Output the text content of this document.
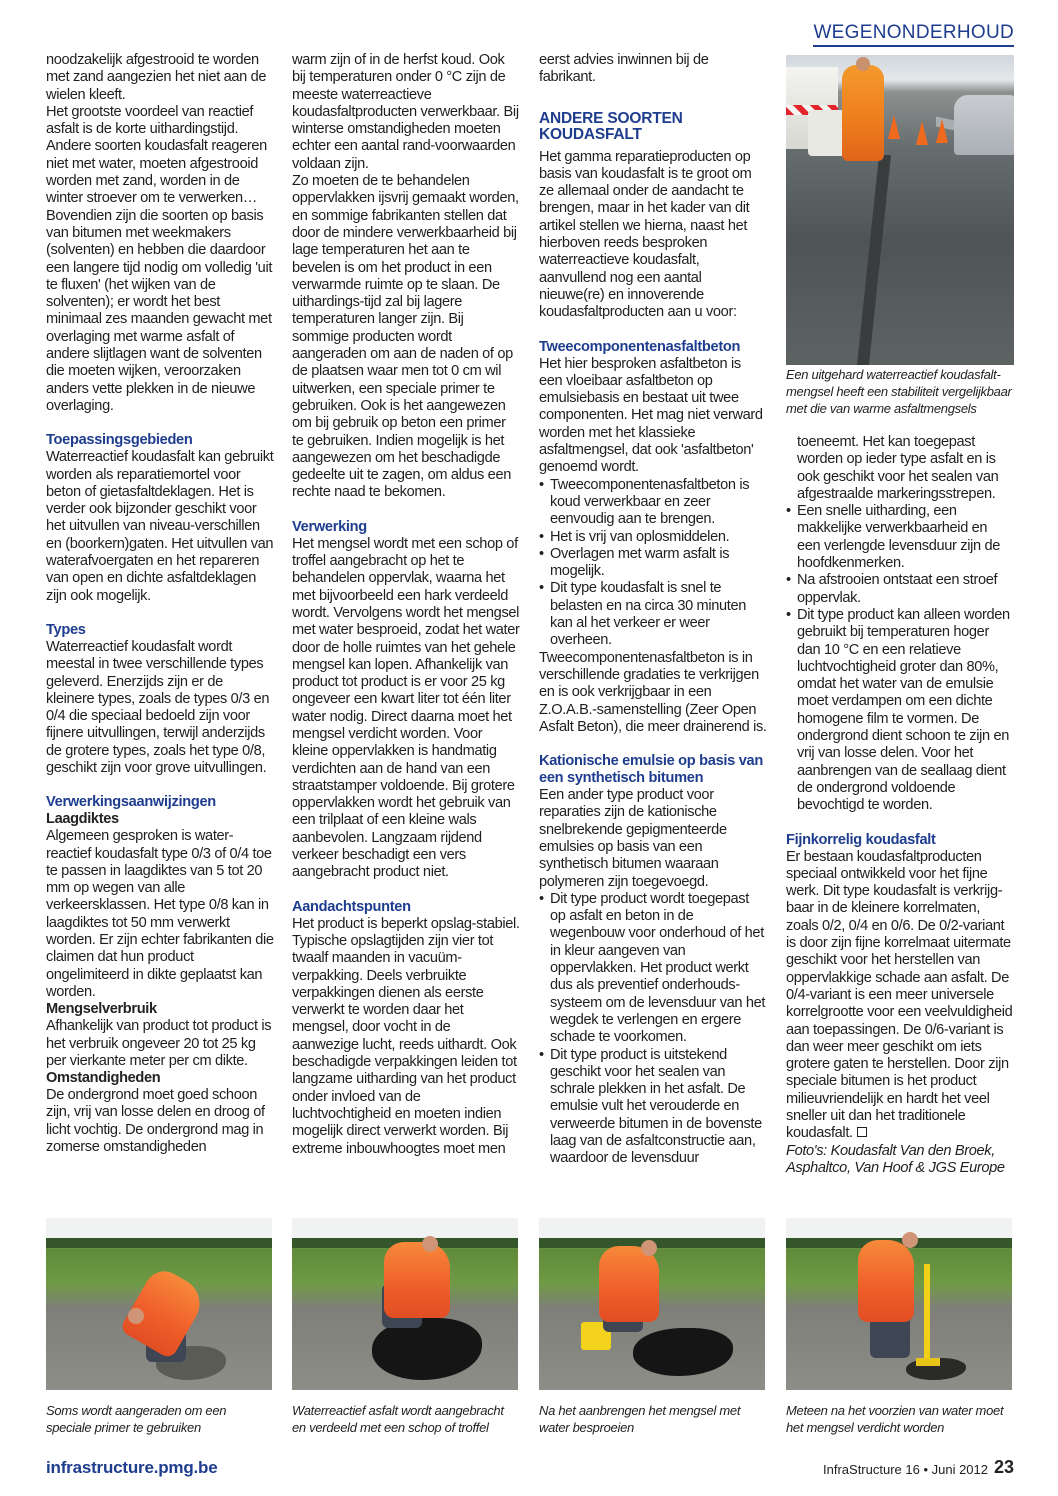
WEGENONDERHOUD

noodzakelijk afgestrooid te worden met zand aangezien het niet aan de wielen kleeft.

Het grootste voordeel van reactief asfalt is de korte uithardingstijd. Andere soorten koudasfalt reageren niet met water, moeten afgestrooid worden met zand, worden in de winter stroever om te verwerken… Bovendien zijn die soorten op basis van bitumen met weekmakers (solventen) en hebben die daardoor een langere tijd nodig om volledig 'uit te fluxen' (het wijken van de solventen); er wordt het best minimaal zes maanden gewacht met overlaging met warme asfalt of andere slijtlagen want de solventen die moeten wijken, veroorzaken anders vette plekken in de nieuwe overlaging.

Toepassingsgebieden

Waterreactief koudasfalt kan gebruikt worden als reparatiemortel voor beton of gietasfaltdeklagen. Het is verder ook bijzonder geschikt voor het uitvullen van niveau-verschillen en (boorkern)gaten. Het uitvullen van waterafvoergaten en het repareren van open en dichte asfaltdeklagen zijn ook mogelijk.

Types

Waterreactief koudasfalt wordt meestal in twee verschillende types geleverd. Enerzijds zijn er de kleinere types, zoals de types 0/3 en 0/4 die speciaal bedoeld zijn voor fijnere uitvullingen, terwijl anderzijds de grotere types, zoals het type 0/8, geschikt zijn voor grove uitvullingen.

Verwerkingsaanwijzingen
Laagdiktes

Algemeen gesproken is water-reactief koudasfalt type 0/3 of 0/4 toe te passen in laagdiktes van 5 tot 20 mm op wegen van alle verkeersklassen. Het type 0/8 kan in laagdiktes tot 50 mm verwerkt worden. Er zijn echter fabrikanten die claimen dat hun product ongelimiteerd in dikte geplaatst kan worden.

Mengselverbruik

Afhankelijk van product tot product is het verbruik ongeveer 20 tot 25 kg per vierkante meter per cm dikte.

Omstandigheden

De ondergrond moet goed schoon zijn, vrij van losse delen en droog of licht vochtig. De ondergrond mag in zomerse omstandigheden

warm zijn of in de herfst koud. Ook bij temperaturen onder 0 °C zijn de meeste waterreactieve koudasfaltproducten verwerkbaar. Bij winterse omstandigheden moeten echter een aantal rand-voorwaarden voldaan zijn.

Zo moeten de te behandelen oppervlakken ijsvrij gemaakt worden, en sommige fabrikanten stellen dat door de mindere verwerkbaarheid bij lage temperaturen het aan te bevelen is om het product in een verwarmde ruimte op te slaan. De uithardings-tijd zal bij lagere temperaturen langer zijn. Bij sommige producten wordt aangeraden om aan de naden of op de plaatsen waar men tot 0 cm wil uitwerken, een speciale primer te gebruiken. Ook is het aangewezen om bij gebruik op beton een primer te gebruiken. Indien mogelijk is het aangewezen om het beschadigde gedeelte uit te zagen, om aldus een rechte naad te bekomen.

Verwerking

Het mengsel wordt met een schop of troffel aangebracht op het te behandelen oppervlak, waarna het met bijvoorbeeld een hark verdeeld wordt. Vervolgens wordt het mengsel met water besproeid, zodat het water door de holle ruimtes van het gehele mengsel kan lopen. Afhankelijk van product tot product is er voor 25 kg ongeveer een kwart liter tot één liter water nodig. Direct daarna moet het mengsel verdicht worden. Voor kleine oppervlakken is handmatig verdichten aan de hand van een straatstamper voldoende. Bij grotere oppervlakken wordt het gebruik van een trilplaat of een kleine wals aanbevolen. Langzaam rijdend verkeer beschadigt een vers aangebracht product niet.

Aandachtspunten

Het product is beperkt opslag-stabiel. Typische opslagtijden zijn vier tot twaalf maanden in vacuüm-verpakking. Deels verbruikte verpakkingen dienen als eerste verwerkt te worden daar het mengsel, door vocht in de aanwezige lucht, reeds uithardt. Ook beschadigde verpakkingen leiden tot langzame uitharding van het product onder invloed van de luchtvochtigheid en moeten indien mogelijk direct verwerkt worden. Bij extreme inbouwhoogtes moet men

eerst advies inwinnen bij de fabrikant.

ANDERE SOORTEN KOUDASFALT

Het gamma reparatieproducten op basis van koudasfalt is te groot om ze allemaal onder de aandacht te brengen, maar in het kader van dit artikel stellen we hierna, naast het hierboven reeds besproken waterreactieve koudasfalt, aanvullend nog een aantal nieuwe(re) en innoverende koudasfaltproducten aan u voor:

Tweecomponentenasfaltbeton

Het hier besproken asfaltbeton is een vloeibaar asfaltbeton op emulsiebasis en bestaat uit twee componenten. Het mag niet verward worden met het klassieke asfaltmengsel, dat ook 'asfaltbeton' genoemd wordt.

• Tweecomponentenasfaltbeton is koud verwerkbaar en zeer eenvoudig aan te brengen.
• Het is vrij van oplosmiddelen.
• Overlagen met warm asfalt is mogelijk.
• Dit type koudasfalt is snel te belasten en na circa 30 minuten kan al het verkeer er weer overheen.

Tweecomponentenasfaltbeton is in verschillende gradaties te verkrijgen en is ook verkrijgbaar in een Z.O.A.B.-samenstelling (Zeer Open Asfalt Beton), die meer drainerend is.

Kationische emulsie op basis van een synthetisch bitumen

Een ander type product voor reparaties zijn de kationische snelbrekende gepigmenteerde emulsies op basis van een synthetisch bitumen waaraan polymeren zijn toegevoegd.

• Dit type product wordt toegepast op asfalt en beton in de wegenbouw voor onderhoud of het in kleur aangeven van oppervlakken. Het product werkt dus als preventief onderhouds-systeem om de levensduur van het wegdek te verlengen en ergere schade te voorkomen.
• Dit type product is uitstekend geschikt voor het sealen van schrale plekken in het asfalt. De emulsie vult het verouderde en verweerde bitumen in de bovenste laag van de asfaltconstructie aan, waardoor de levensduur
Een uitgehard waterreactief koudasfalt-mengsel heeft een stabiliteit vergelijkbaar met die van warme asfaltmengsels

toeneemt. Het kan toegepast worden op ieder type asfalt en is ook geschikt voor het sealen van afgestraalde markeringsstrepen.

• Een snelle uitharding, een makkelijke verwerkbaarheid en een verlengde levensduur zijn de hoofdkenmerken.
• Na afstrooien ontstaat een stroef oppervlak.
• Dit type product kan alleen worden gebruikt bij temperaturen hoger dan 10 °C en een relatieve luchtvochtigheid groter dan 80%, omdat het water van de emulsie moet verdampen om een dichte homogene film te vormen. De ondergrond dient schoon te zijn en vrij van losse delen. Voor het aanbrengen van de seallaag dient de ondergrond voldoende bevochtigd te worden.
Fijnkorrelig koudasfalt

Er bestaan koudasfaltproducten speciaal ontwikkeld voor het fijne werk. Dit type koudasfalt is verkrijg-baar in de kleinere korrelmaten, zoals 0/2, 0/4 en 0/6. De 0/2-variant is door zijn fijne korrelmaat uitermate geschikt voor het herstellen van oppervlakkige schade aan asfalt. De 0/4-variant is een meer universele korrelgrootte voor een veelvuldigheid aan toepassingen. De 0/6-variant is dan weer meer geschikt om iets grotere gaten te herstellen. Door zijn speciale bitumen is het product milieuvriendelijk en hardt het veel sneller uit dan het traditionele koudasfalt.

Foto's: Koudasfalt Van den Broek, Asphaltco, Van Hoof & JGS Europe

Soms wordt aangeraden om een speciale primer te gebruiken
Waterreactief asfalt wordt aangebracht en verdeeld met een schop of troffel
Na het aanbrengen het mengsel met water besproeien
Meteen na het voorzien van water moet het mengsel verdicht worden
infrastructure.pmg.be	InfraStructure 16 • Juni 2012 23
